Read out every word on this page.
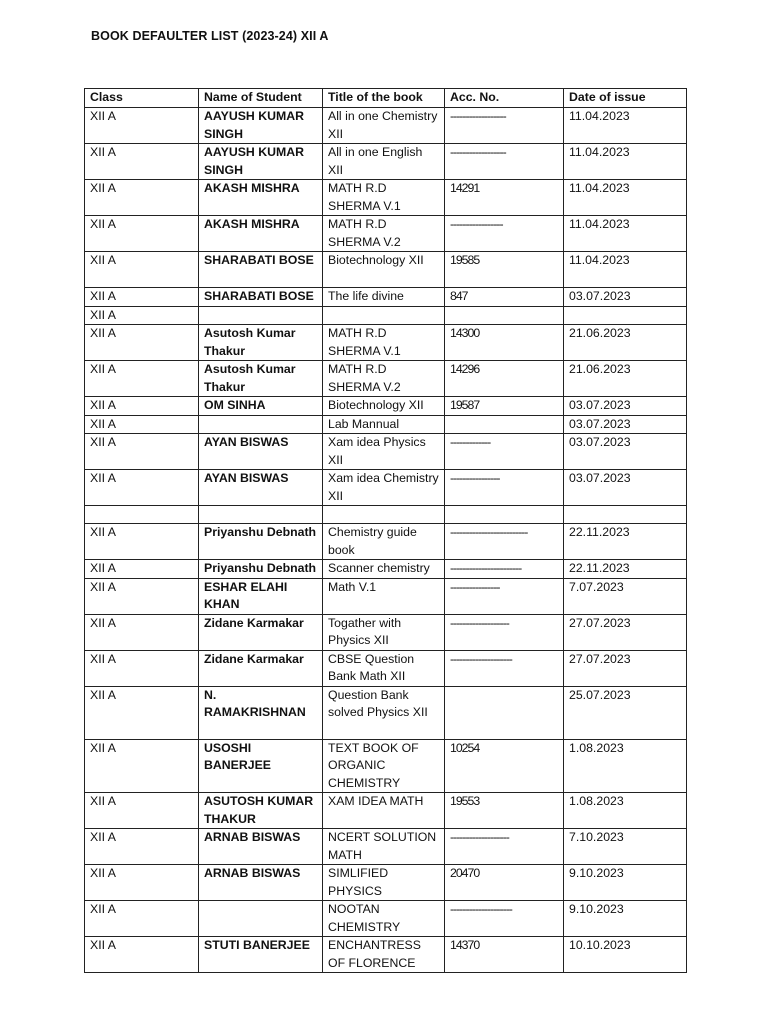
BOOK DEFAULTER LIST (2023-24) XII A
Class	Name of Student	Title of the book	Acc. No.	Date of issue
XII A	AAYUSH KUMAR SINGH	All in one Chemistry XII	------------------	11.04.2023
XII A	AAYUSH KUMAR SINGH	All in one English XII	------------------	11.04.2023
XII A	AKASH MISHRA	MATH R.D SHERMA V.1	14291	11.04.2023
XII A	AKASH MISHRA	MATH R.D SHERMA V.2	-----------------	11.04.2023
XII A	SHARABATI BOSE	Biotechnology XII	19585	11.04.2023
XII A	SHARABATI BOSE	The life divine	847	03.07.2023
XII A				
XII A	Asutosh Kumar Thakur	MATH R.D SHERMA V.1	14300	21.06.2023
XII A	Asutosh Kumar Thakur	MATH R.D SHERMA V.2	14296	21.06.2023
XII A	OM SINHA	Biotechnology XII	19587	03.07.2023
XII A		Lab Mannual		03.07.2023
XII A	AYAN BISWAS	Xam idea Physics XII	-------------	03.07.2023
XII A	AYAN BISWAS	Xam idea Chemistry XII	----------------	03.07.2023

XII A	Priyanshu Debnath	Chemistry guide book	-------------------------	22.11.2023
XII A	Priyanshu Debnath	Scanner chemistry	-----------------------	22.11.2023
XII A	ESHAR ELAHI KHAN	Math V.1	----------------	7.07.2023
XII A	Zidane Karmakar	Togather with Physics XII	-------------------	27.07.2023
XII A	Zidane Karmakar	CBSE Question Bank Math XII	--------------------	27.07.2023
XII A	N. RAMAKRISHNAN	Question Bank solved Physics XII		25.07.2023
XII A	USOSHI BANERJEE	TEXT BOOK OF ORGANIC CHEMISTRY	10254	1.08.2023
XII A	ASUTOSH KUMAR THAKUR	XAM IDEA MATH	19553	1.08.2023
XII A	ARNAB BISWAS	NCERT SOLUTION MATH	-------------------	7.10.2023
XII A	ARNAB BISWAS	SIMLIFIED PHYSICS	20470	9.10.2023
XII A		NOOTAN CHEMISTRY	--------------------	9.10.2023
XII A	STUTI BANERJEE	ENCHANTRESS OF FLORENCE	14370	10.10.2023
